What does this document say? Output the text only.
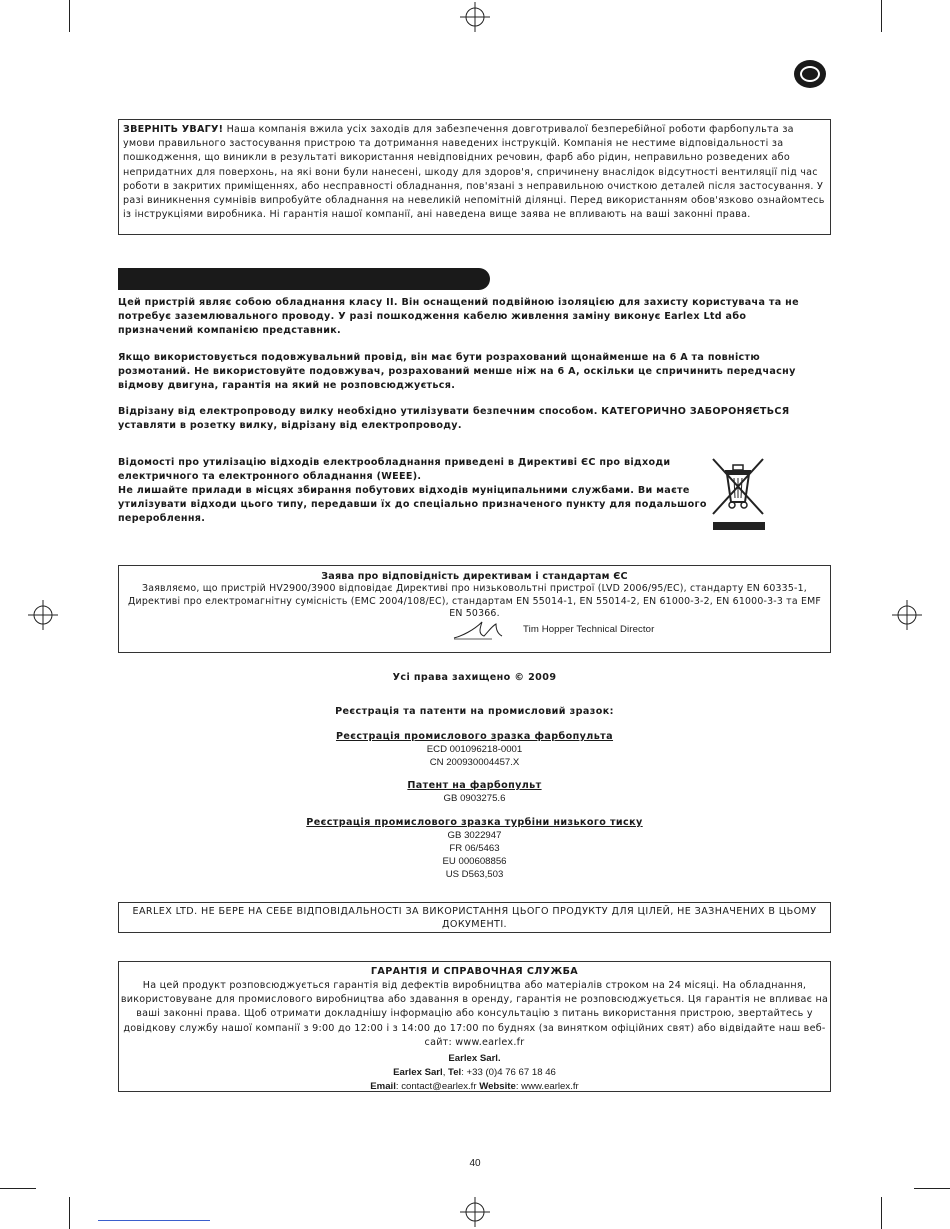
ЗВЕРНІТЬ УВАГУ! Наша компанія вжила усіх заходів для забезпечення довготривалої безперебійної роботи фарбопульта за умови правильного застосування пристрою та дотримання наведених інструкцій. Компанія не нестиме відповідальності за пошкодження, що виникли в результаті використання невідповідних речовин, фарб або рідин, неправильно розведених або непридатних для поверхонь, на які вони були нанесені, шкоду для здоров'я, спричинену внаслідок відсутності вентиляції під час роботи в закритих приміщеннях, або несправності обладнання, пов'язані з неправильною очисткою деталей після застосування. У разі виникнення сумнівів випробуйте обладнання на невеликій непомітній ділянці. Перед використанням обов'язково ознайомтесь із інструкціями виробника. Ні гарантія нашої компанії, ані наведена вище заява не впливають на ваші законні права.

Цей пристрій являє собою обладнання класу II. Він оснащений подвійною ізоляцією для захисту користувача та не потребує заземлювального проводу. У разі пошкодження кабелю живлення заміну виконує Earlex Ltd або призначений компанією представник.

Якщо використовується подовжувальний провід, він має бути розрахований щонайменше на 6 A та повністю розмотаний. Не використовуйте подовжувач, розрахований менше ніж на 6 A, оскільки це спричинить передчасну відмову двигуна, гарантія на який не розповсюджується.

Відрізану від електропроводу вилку необхідно утилізувати безпечним способом. КАТЕГОРИЧНО ЗАБОРОНЯЄТЬСЯ уставляти в розетку вилку, відрізану від електропроводу.

Відомості про утилізацію відходів електрообладнання приведені в Директиві ЄС про відходи електричного та електронного обладнання (WEEE).

Не лишайте прилади в місцях збирання побутових відходів муніципальними службами. Ви маєте утилізувати відходи цього типу, передавши їх до спеціально призначеного пункту для подальшого перероблення.

Заява про відповідність директивам і стандартам ЄС
Заявляємо, що пристрій HV2900/3900 відповідає Директиві про низьковольтні пристрої (LVD 2006/95/EC), стандарту EN 60335-1, Директиві про електромагнітну сумісність (EMC 2004/108/EC), стандартам EN 55014-1, EN 55014-2, EN 61000-3-2, EN 61000-3-3 та EMF EN 50366.
Tim Hopper Technical Director
Усі права захищено © 2009
Реєстрація та патенти на промисловий зразок:
Реєстрація промислового зразка фарбопульта
ECD 001096218-0001
CN 200930004457.X
Патент на фарбопульт
GB 0903275.6
Реєстрація промислового зразка турбіни низького тиску
GB 3022947
FR 06/5463
EU 000608856
US D563,503
EARLEX LTD. НЕ БЕРЕ НА СЕБЕ ВІДПОВІДАЛЬНОСТІ ЗА ВИКОРИСТАННЯ ЦЬОГО ПРОДУКТУ ДЛЯ ЦІЛЕЙ, НЕ ЗАЗНАЧЕНИХ В ЦЬОМУ ДОКУМЕНТІ.
ГАРАНТІЯ И СПРАВОЧНАЯ СЛУЖБА
На цей продукт розповсюджується гарантія від дефектів виробництва або матеріалів строком на 24 місяці. На обладнання, використовуване для промислового виробництва або здавання в оренду, гарантія не розповсюджується. Ця гарантія не впливає на ваші законні права. Щоб отримати докладнішу інформацію або консультацію з питань використання пристрою, звертайтесь у довідкову службу нашої компанії з 9:00 до 12:00 і з 14:00 до 17:00 по буднях (за винятком офіційних свят) або відвідайте наш веб-сайт: www.earlex.fr
Earlex Sarl.
Earlex Sarl, Tel: +33 (0)4 76 67 18 46
Email: contact@earlex.fr Website: www.earlex.fr
40
